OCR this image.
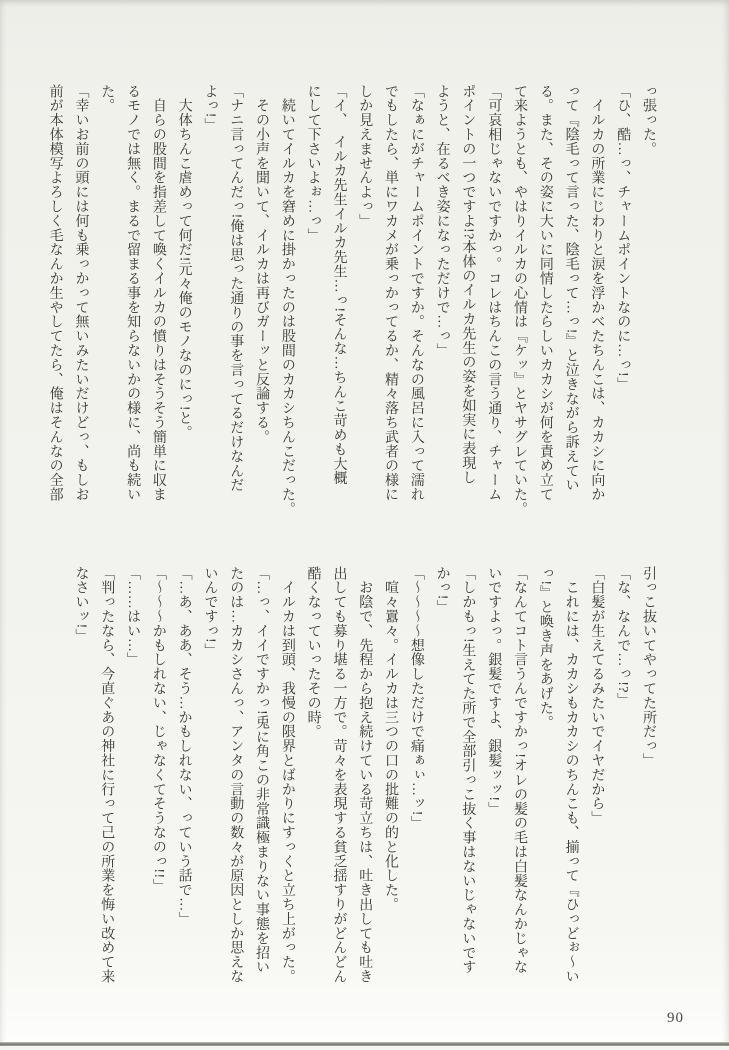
っ張った。

「ひ、酷…っ、チャームポイントなのに…っ!」

　イルカの所業にじわりと涙を浮かべたちんこは、カカシに向か

って『陰毛って言った、陰毛って…っ!』と泣きながら訴えてい

る。また、その姿に大いに同情したらしいカカシが何を責め立て

て来ようとも、やはりイルカの心情は『ケッ』とヤサグレていた。

「可哀相じゃないですかっ。コレはちんこの言う通り、チャーム

ポイントの一つですよ!?本体のイルカ先生の姿を如実に表現し

ようと、在るべき姿になっただけで…っ」

「なぁにがチャームポイントですか。そんなの風呂に入って濡れ

でもしたら、単にワカメが乗っかってるか、精々落ち武者の様に

しか見えませんよっ」

「イ、　イルカ先生イルカ先生…っ!そんな…ちんこ苛めも大概

にして下さいよぉ…っ」

　続いてイルカを窘めに掛かったのは股間のカカシちんこだった。

　その小声を聞いて、イルカは再びガーッと反論する。

「ナニ言ってんだっ!俺は思った通りの事を言ってるだけなんだ

よっ!」

　大体ちんこ虐めって何だ!元々俺のモノなのにっ!と。

　自らの股間を指差して喚くイルカの憤りはそうそう簡単に収ま

るモノでは無く。まるで留まる事を知らないかの様に、尚も続い

た。

「幸いお前の頭には何も乗っかって無いみたいだけどっ、もしお

前が本体模写よろしく毛なんか生やしてたら、俺はそんなの全部

引っこ抜いてやってた所だっ」

「な、なんで…っ!?」

「白髪が生えてるみたいでイヤだから」

　これには、カカシもカカシのちんこも、揃って『ひっどぉ〜い

っ!』と喚き声をあげた。

「なんてコト言うんですかっ!オレの髪の毛は白髪なんかじゃな

いですよっ。銀髪ですよ、銀髪ッッ!」

「しかもっ!生えてた所で全部引っこ抜く事はないじゃないです

かっ!」

「〜〜〜〜想像しただけで痛ぁぃ…ッ!」

　喧々囂々。イルカは三つの口の批難の的と化した。

　お陰で、先程から抱え続けている苛立ちは、吐き出しても吐き

出しても募り堪る一方で。苛々を表現する貧乏揺すりがどんどん

酷くなっていったその時。

　イルカは到頭、我慢の限界とばかりにすっくと立ち上がった。

「…っ、イイですかっ!兎に角この非常識極まりない事態を招い

たのは…カカシさんっ、アンタの言動の数々が原因としか思えな

いんですっ!」

「…あ、ああ、そう…かもしれない、っていう話で…」

「〜〜〜かもしれない、じゃなくてそうなのっ!!」

「……はい…」

「判ったなら、今直ぐあの神社に行って己の所業を悔い改めて来

なさいッ!」

90
